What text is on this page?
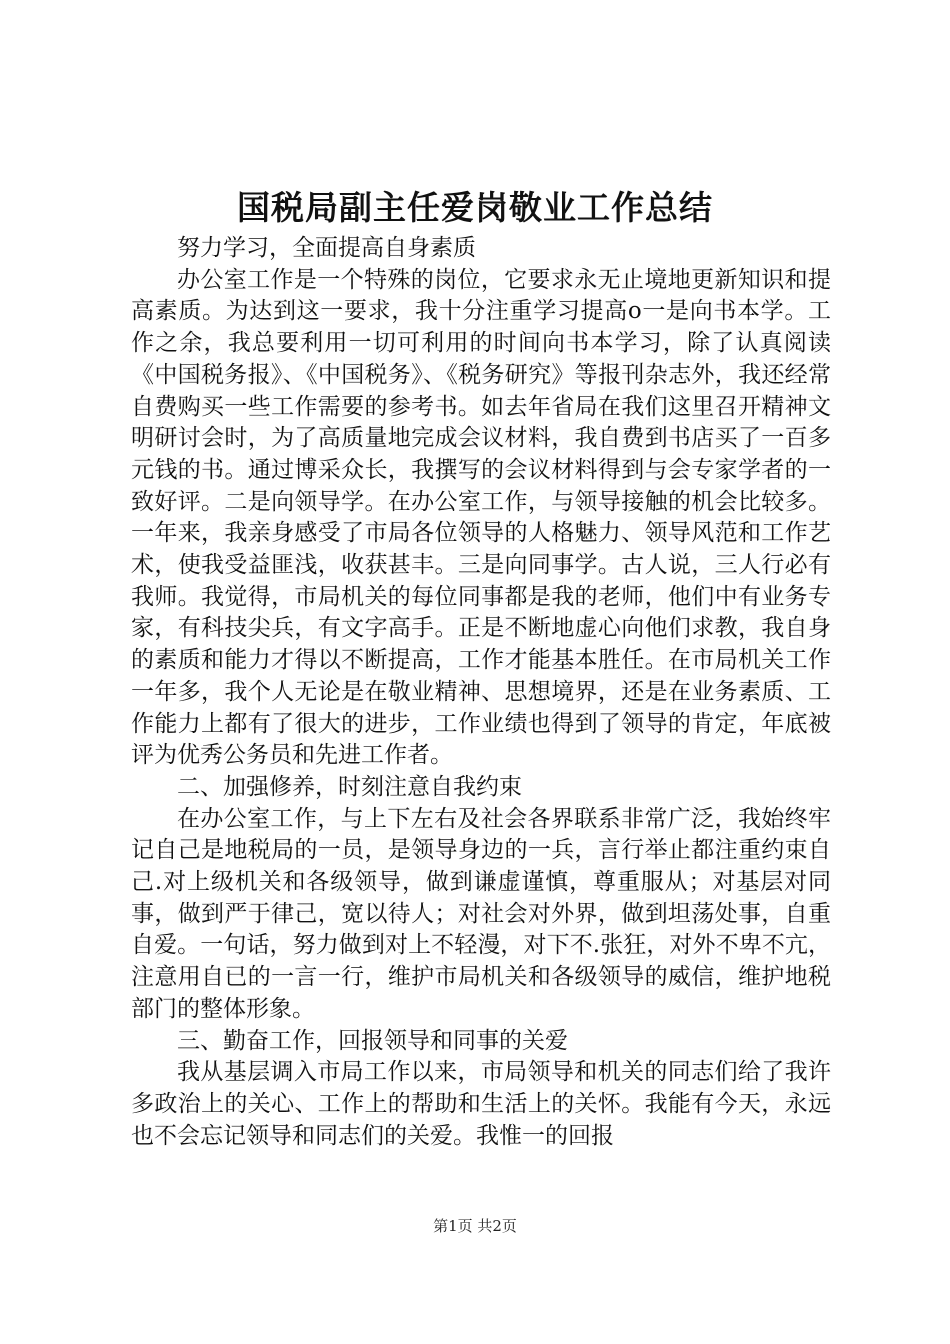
国税局副主任爱岗敬业工作总结

努力学习，全面提高自身素质

办公室工作是一个特殊的岗位，它要求永无止境地更新知识和提高素质。为达到这一要求，我十分注重学习提高o一是向书本学。工作之余，我总要利用一切可利用的时间向书本学习，除了认真阅读《中国税务报》、《中国税务》、《税务研究》等报刊杂志外，我还经常自费购买一些工作需要的参考书。如去年省局在我们这里召开精神文明研讨会时，为了高质量地完成会议材料，我自费到书店买了一百多元钱的书。通过博采众长，我撰写的会议材料得到与会专家学者的一致好评。二是向领导学。在办公室工作，与领导接触的机会比较多。一年来，我亲身感受了市局各位领导的人格魅力、领导风范和工作艺术，使我受益匪浅，收获甚丰。三是向同事学。古人说，三人行必有我师。我觉得，市局机关的每位同事都是我的老师，他们中有业务专家，有科技尖兵，有文字高手。正是不断地虚心向他们求教，我自身的素质和能力才得以不断提高，工作才能基本胜任。在市局机关工作一年多，我个人无论是在敬业精神、思想境界，还是在业务素质、工作能力上都有了很大的进步，工作业绩也得到了领导的肯定，年底被评为优秀公务员和先进工作者。

二、加强修养，时刻注意自我约束

在办公室工作，与上下左右及社会各界联系非常广泛，我始终牢记自己是地税局的一员，是领导身边的一兵，言行举止都注重约束自己.对上级机关和各级领导，做到谦虚谨慎，尊重服从；对基层对同事，做到严于律己，宽以待人；对社会对外界，做到坦荡处事，自重自爱。一句话，努力做到对上不轻漫，对下不.张狂，对外不卑不亢，注意用自已的一言一行，维护市局机关和各级领导的威信，维护地税部门的整体形象。

三、勤奋工作，回报领导和同事的关爱

我从基层调入市局工作以来，市局领导和机关的同志们给了我许多政治上的关心、工作上的帮助和生活上的关怀。我能有今天，永远也不会忘记领导和同志们的关爱。我惟一的回报

第1页 共2页
